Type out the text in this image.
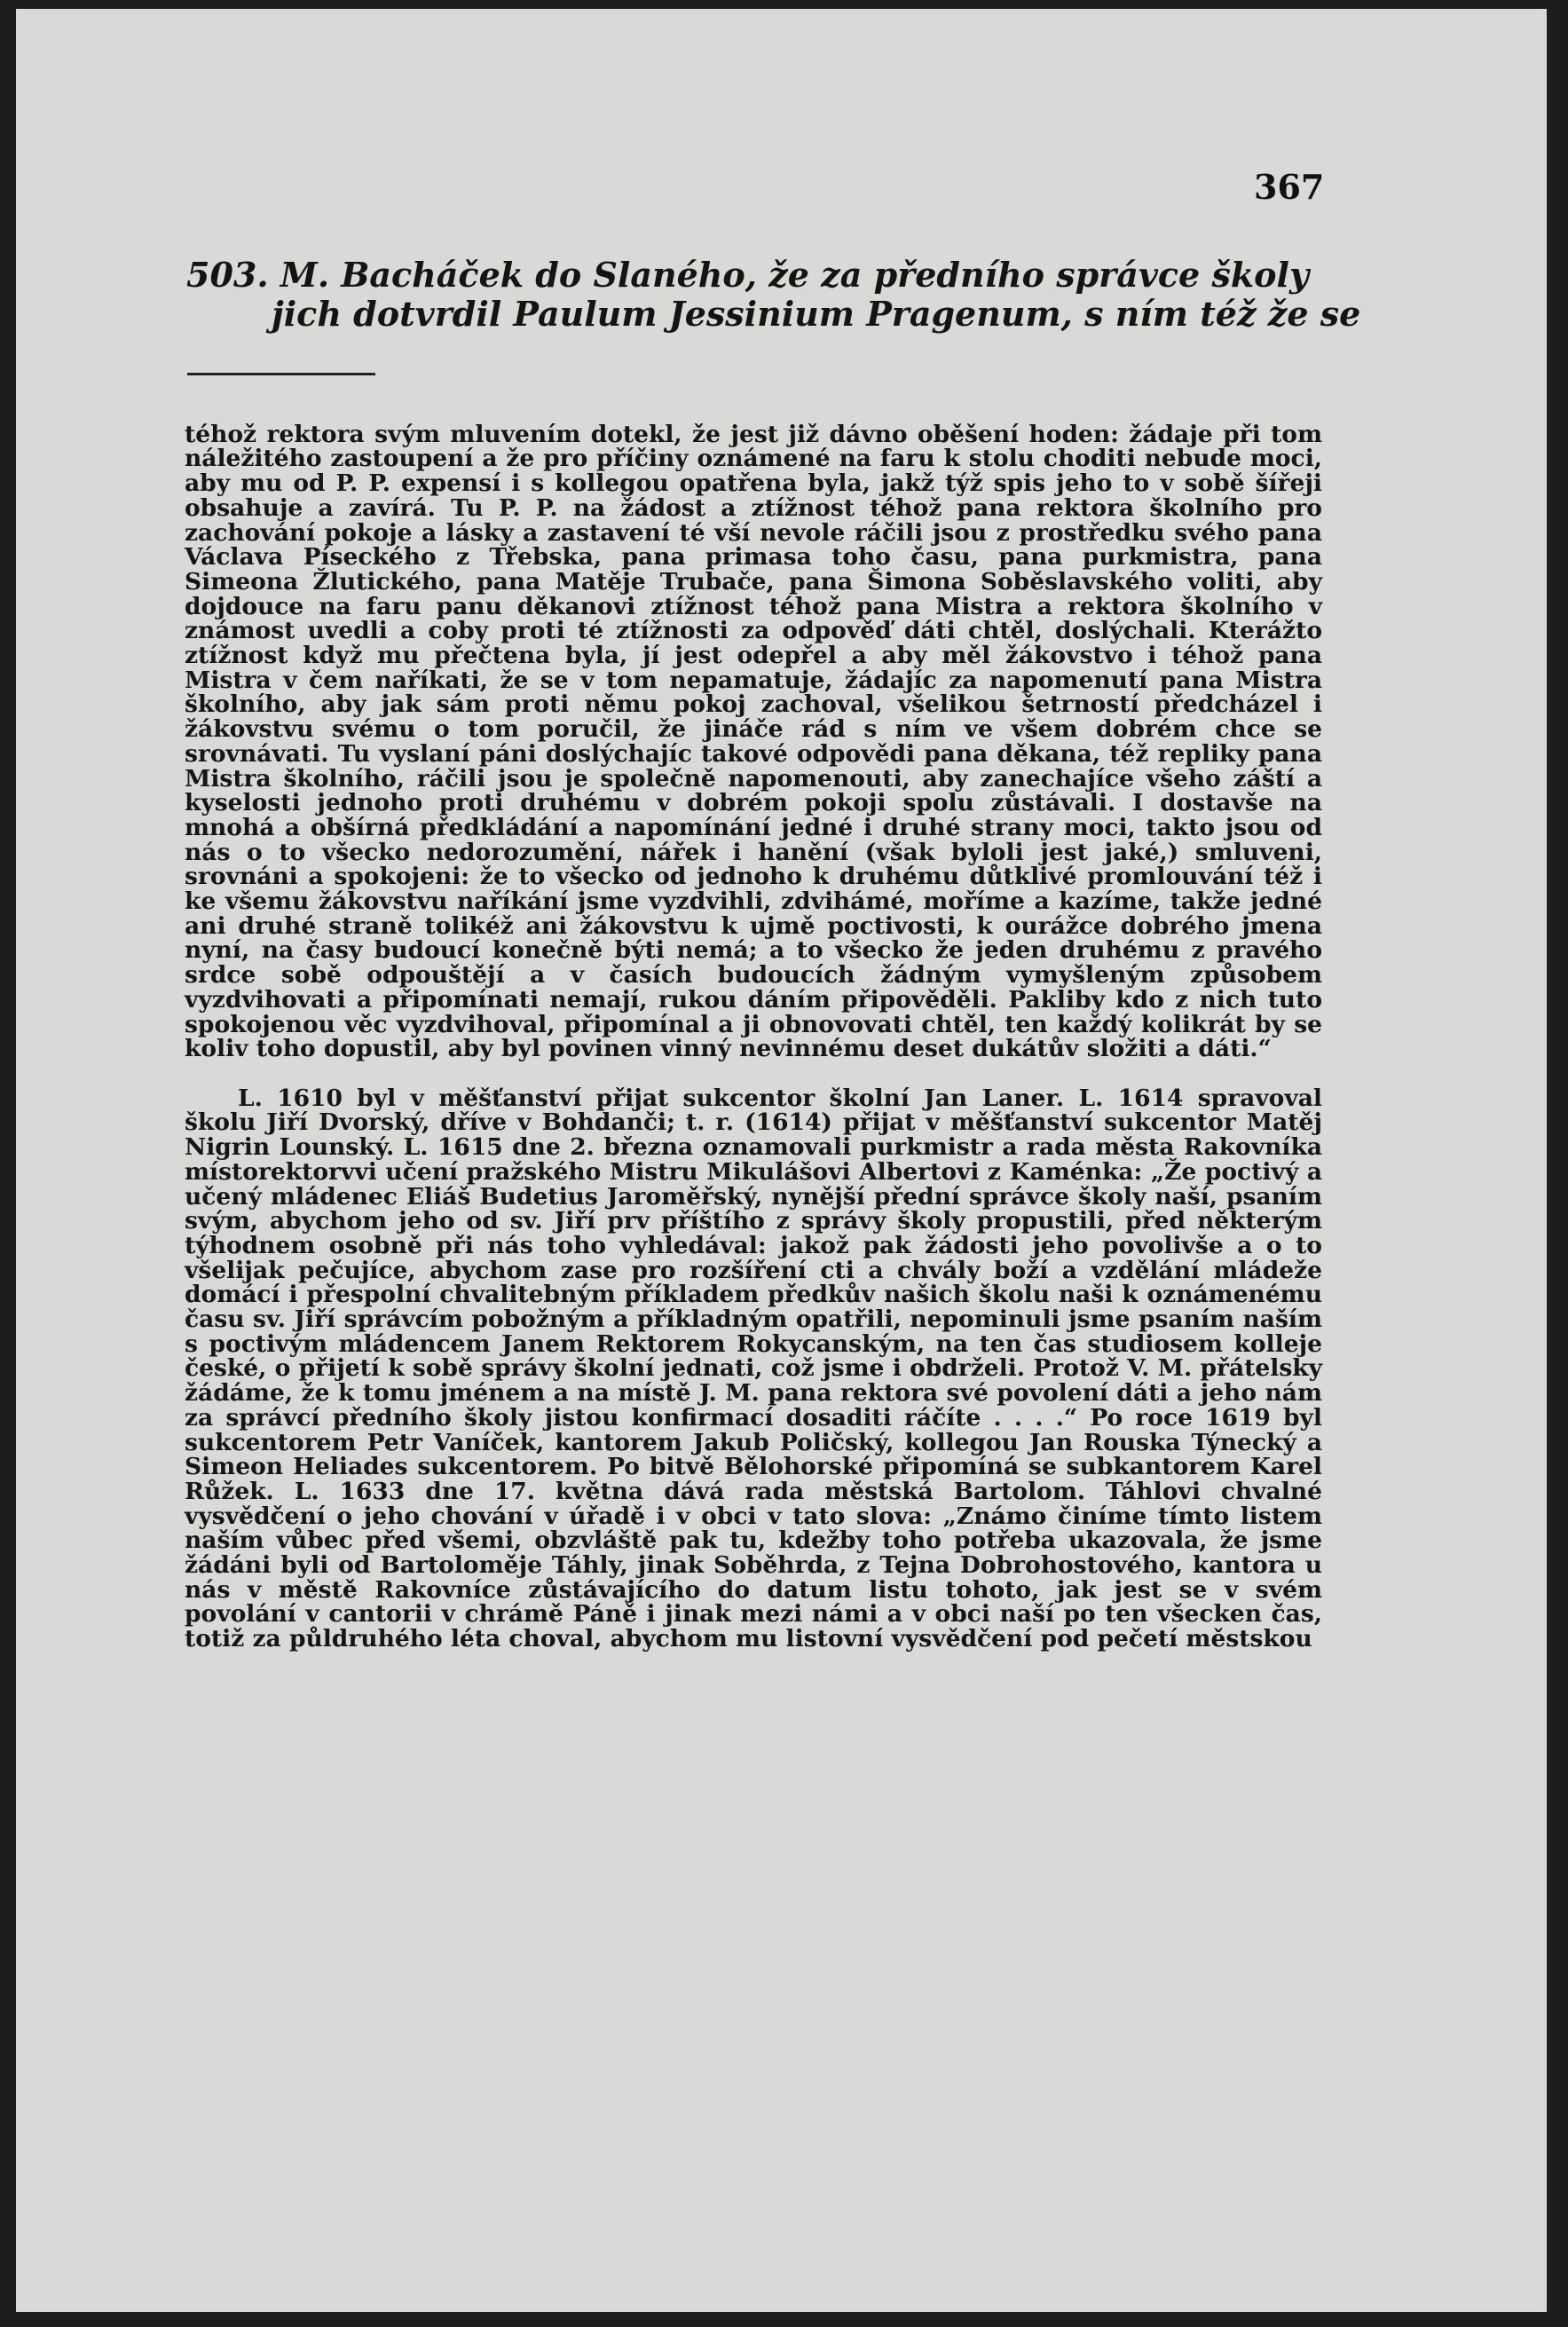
367
503. M. Bacháček do Slaného, že za předního správce školy
jich dotvrdil Paulum Jessinium Pragenum, s ním též že se

téhož rektora svým mluvením dotekl, že jest již dávno oběšení hoden: žádaje při tom náležitého zastoupení a že pro příčiny oznámené na faru k stolu choditi nebude moci, aby mu od P. P. expensí i s kollegou opatřena byla, jakž týž spis jeho to v sobě šířeji obsahuje a zavírá. Tu P. P. na žádost a ztížnost téhož pana rektora školního pro zachování pokoje a lásky a zastavení té vší nevole ráčili jsou z prostředku svého pana Václava Píseckého z Třebska, pana primasa toho času, pana purkmistra, pana Simeona Žlutického, pana Matěje Trubače, pana Šimona Soběslavského voliti, aby dojdouce na faru panu děkanovi ztížnost téhož pana Mistra a rektora školního v známost uvedli a coby proti té ztížnosti za odpověď dáti chtěl, doslýchali. Kterážto ztížnost když mu přečtena byla, jí jest odepřel a aby měl žákovstvo i téhož pana Mistra v čem naříkati, že se v tom nepamatuje, žádajíc za napomenutí pana Mistra školního, aby jak sám proti němu pokoj zachoval, všelikou šetrností předcházel i žákovstvu svému o tom poručil, že jináče rád s ním ve všem dobrém chce se srovnávati. Tu vyslaní páni doslýchajíc takové odpovědi pana děkana, též repliky pana Mistra školního, ráčili jsou je společně napomenouti, aby zanechajíce všeho záští a kyselosti jednoho proti druhému v dobrém pokoji spolu zůstávali. I dostavše na mnohá a obšírná předkládání a napomínání jedné i druhé strany moci, takto jsou od nás o to všecko nedorozumění, nářek i hanění (však byloli jest jaké,) smluveni, srovnáni a spokojeni: že to všecko od jednoho k druhému důtklivé promlouvání též i ke všemu žákovstvu naříkání jsme vyzdvihli, zdvihámé, moříme a kazíme, takže jedné ani druhé straně tolikéž ani žákovstvu k ujmě poctivosti, k ourážce dobrého jmena nyní, na časy budoucí konečně býti nemá; a to všecko že jeden druhému z pravého srdce sobě odpouštějí a v časích budoucích žádným vymyšleným způsobem vyzdvihovati a připomínati nemají, rukou dáním připověděli. Pakliby kdo z nich tuto spokojenou věc vyzdvihoval, připomínal a ji obnovovati chtěl, ten každý kolikrát by se koliv toho dopustil, aby byl povinen vinný nevinnému deset dukátův složiti a dáti.“

L. 1610 byl v měšťanství přijat sukcentor školní Jan Laner. L. 1614 spravoval školu Jiří Dvorský, dříve v Bohdanči; t. r. (1614) přijat v měšťanství sukcentor Matěj Nigrin Lounský. L. 1615 dne 2. března oznamovali purkmistr a rada města Rakovníka místorektorvvi učení pražského Mistru Mikulášovi Albertovi z Kaménka: „Že poctivý a učený mládenec Eliáš Budetius Jaroměřský, nynější přední správce školy naší, psaním svým, abychom jeho od sv. Jiří prv příštího z správy školy propustili, před některým týhodnem osobně při nás toho vyhledával: jakož pak žádosti jeho povolivše a o to všelijak pečujíce, abychom zase pro rozšíření cti a chvály boží a vzdělání mládeže domácí i přespolní chvalitebným příkladem předkův našich školu naši k oznámenému času sv. Jiří správcím pobožným a příkladným opatřili, nepominuli jsme psaním naším s poctivým mládencem Janem Rektorem Rokycanským, na ten čas studiosem kolleje české, o přijetí k sobě správy školní jednati, což jsme i obdrželi. Protož V. M. přátelsky žádáme, že k tomu jménem a na místě J. M. pana rektora své povolení dáti a jeho nám za správcí předního školy jistou konfirmací dosaditi ráčíte . . . .“ Po roce 1619 byl sukcentorem Petr Vaníček, kantorem Jakub Poličský, kollegou Jan Rouska Týnecký a Simeon Heliades sukcentorem. Po bitvě Bělohorské připomíná se subkantorem Karel Růžek. L. 1633 dne 17. května dává rada městská Bartolom. Táhlovi chvalné vysvědčení o jeho chování v úřadě i v obci v tato slova: „Známo činíme tímto listem naším vůbec před všemi, obzvláště pak tu, kdežby toho potřeba ukazovala, že jsme žádáni byli od Bartoloměje Táhly, jinak Soběhrda, z Tejna Dobrohostového, kantora u nás v městě Rakovníce zůstávajícího do datum listu tohoto, jak jest se v svém povolání v cantorii v chrámě Páně i jinak mezi námi a v obci naší po ten všecken čas, totiž za půldruhého léta choval, abychom mu listovní vysvědčení pod pečetí městskou
